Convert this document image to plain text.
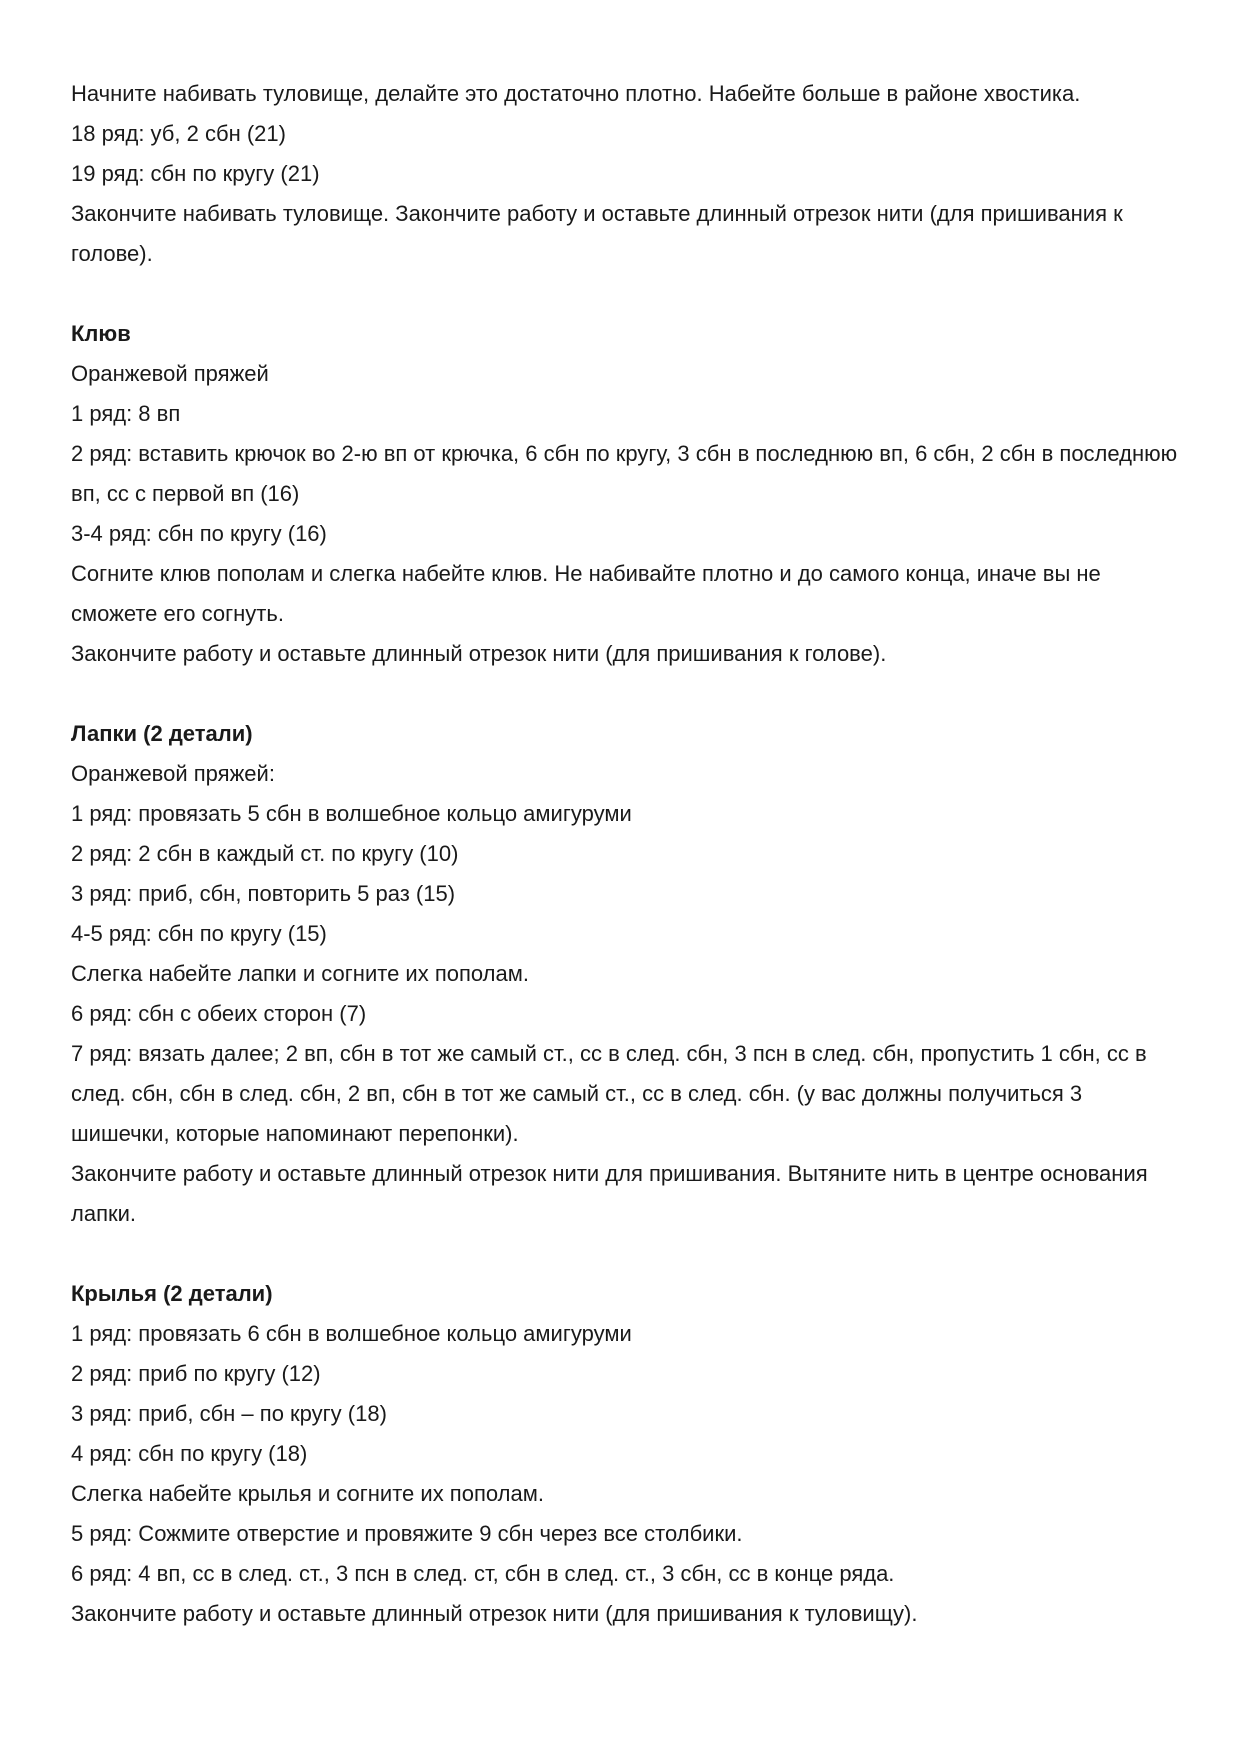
Начните набивать туловище, делайте это достаточно плотно. Набейте больше в районе хвостика.

18 ряд: уб, 2 сбн (21)

19 ряд: сбн по кругу (21)

Закончите набивать туловище. Закончите работу и оставьте длинный отрезок нити (для пришивания к голове).

Клюв

Оранжевой пряжей

1 ряд: 8 вп

2 ряд: вставить крючок во 2-ю вп от крючка, 6 сбн по кругу, 3 сбн в последнюю вп, 6 сбн, 2 сбн в последнюю вп, сс с первой вп (16)

3-4 ряд: сбн по кругу (16)

Согните клюв пополам и слегка набейте клюв. Не набивайте плотно и до самого конца, иначе вы не сможете его согнуть.

Закончите работу и оставьте длинный отрезок нити (для пришивания к голове).

Лапки (2 детали)

Оранжевой пряжей:

1 ряд: провязать 5 сбн в волшебное кольцо амигуруми

2 ряд: 2 сбн в каждый ст. по кругу (10)

3 ряд: приб, сбн, повторить 5 раз (15)

4-5 ряд: сбн по кругу (15)

Слегка набейте лапки и согните их пополам.

6 ряд: сбн с обеих сторон (7)

7 ряд: вязать далее; 2 вп, сбн в тот же самый ст., сс в след. сбн, 3 псн в след. сбн, пропустить 1 сбн, сс в след. сбн, сбн в след. сбн, 2 вп, сбн в тот же самый ст., сс в след. сбн. (у вас должны получиться 3 шишечки, которые напоминают перепонки).

Закончите работу и оставьте длинный отрезок нити для пришивания. Вытяните нить в центре основания лапки.

Крылья (2 детали)

1 ряд: провязать 6 сбн в волшебное кольцо амигуруми

2 ряд: приб по кругу (12)

3 ряд: приб, сбн – по кругу (18)

4 ряд: сбн по кругу (18)

Слегка набейте крылья и согните их пополам.

5 ряд: Сожмите отверстие и провяжите 9 сбн через все столбики.

6 ряд: 4 вп, сс в след. ст., 3 псн в след. ст, сбн в след. ст., 3 сбн, сс в конце ряда.

Закончите работу и оставьте длинный отрезок нити (для пришивания к туловищу).
